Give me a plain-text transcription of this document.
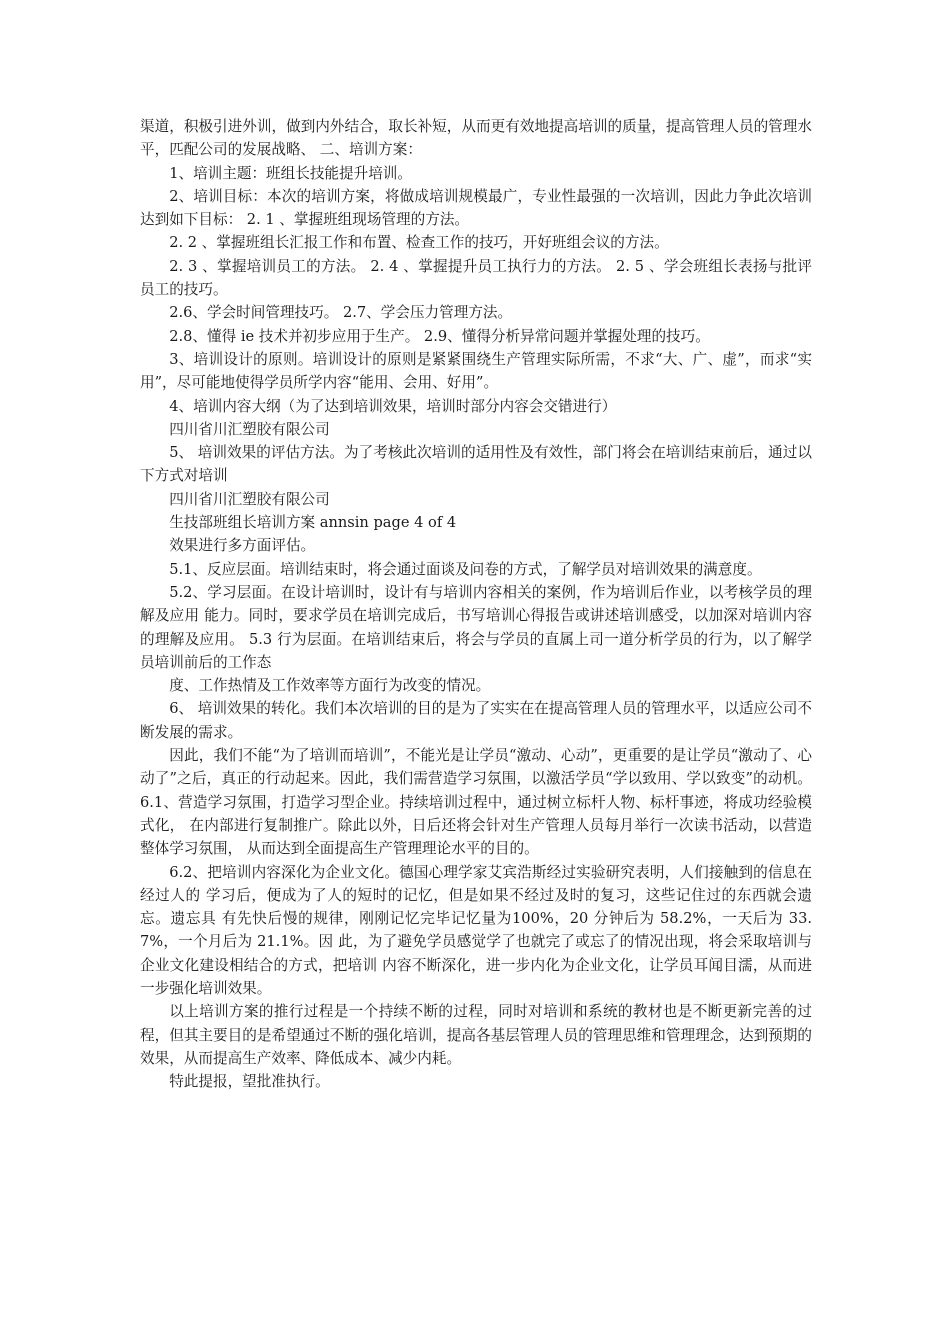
渠道，积极引进外训，做到内外结合，取长补短，从而更有效地提高培训的质量，提高管理人员的管理水平，匹配公司的发展战略、 二、培训方案：

1、培训主题：班组长技能提升培训。

2、培训目标：本次的培训方案，将做成培训规模最广，专业性最强的一次培训，因此力争此次培训达到如下目标： 2. 1 、掌握班组现场管理的方法。

2. 2 、掌握班组长汇报工作和布置、检查工作的技巧，开好班组会议的方法。

2. 3 、掌握培训员工的方法。 2. 4 、掌握提升员工执行力的方法。 2. 5 、学会班组长表扬与批评员工的技巧。

2.6、学会时间管理技巧。 2.7、学会压力管理方法。

2.8、懂得 ie 技术并初步应用于生产。 2.9、懂得分析异常问题并掌握处理的技巧。

3、培训设计的原则。培训设计的原则是紧紧围绕生产管理实际所需，不求“大、广、虚”，而求“实用”，尽可能地使得学员所学内容“能用、会用、好用”。

4、培训内容大纲（为了达到培训效果，培训时部分内容会交错进行）

四川省川汇塑胶有限公司

5、 培训效果的评估方法。为了考核此次培训的适用性及有效性，部门将会在培训结束前后，通过以下方式对培训

四川省川汇塑胶有限公司

生技部班组长培训方案 annsin page 4 of 4

效果进行多方面评估。

5.1、反应层面。培训结束时，将会通过面谈及问卷的方式，了解学员对培训效果的满意度。

5.2、学习层面。在设计培训时，设计有与培训内容相关的案例，作为培训后作业，以考核学员的理解及应用 能力。同时，要求学员在培训完成后，书写培训心得报告或讲述培训感受，以加深对培训内容的理解及应用。 5.3 行为层面。在培训结束后，将会与学员的直属上司一道分析学员的行为，以了解学员培训前后的工作态

度、工作热情及工作效率等方面行为改变的情况。

6、 培训效果的转化。我们本次培训的目的是为了实实在在提高管理人员的管理水平，以适应公司不断发展的需求。

因此，我们不能“为了培训而培训”，不能光是让学员“激动、心动”，更重要的是让学员“激动了、心动了”之后，真正的行动起来。因此，我们需营造学习氛围，以激活学员“学以致用、学以致变”的动机。 6.1、营造学习氛围，打造学习型企业。持续培训过程中，通过树立标杆人物、标杆事迹，将成功经验模式化， 在内部进行复制推广。除此以外，日后还将会针对生产管理人员每月举行一次读书活动，以营造整体学习氛围， 从而达到全面提高生产管理理论水平的目的。

6.2、把培训内容深化为企业文化。德国心理学家艾宾浩斯经过实验研究表明，人们接触到的信息在经过人的 学习后，便成为了人的短时的记忆，但是如果不经过及时的复习，这些记住过的东西就会遗忘。遗忘具 有先快后慢的规律，刚刚记忆完毕记忆量为100%，20 分钟后为 58.2%，一天后为 33.7%，一个月后为 21.1%。因 此，为了避免学员感觉学了也就完了或忘了的情况出现，将会采取培训与企业文化建设相结合的方式，把培训 内容不断深化，进一步内化为企业文化，让学员耳闻目濡，从而进一步强化培训效果。

以上培训方案的推行过程是一个持续不断的过程，同时对培训和系统的教材也是不断更新完善的过程，但其主要目的是希望通过不断的强化培训，提高各基层管理人员的管理思维和管理理念，达到预期的效果，从而提高生产效率、降低成本、减少内耗。

特此提报，望批准执行。
